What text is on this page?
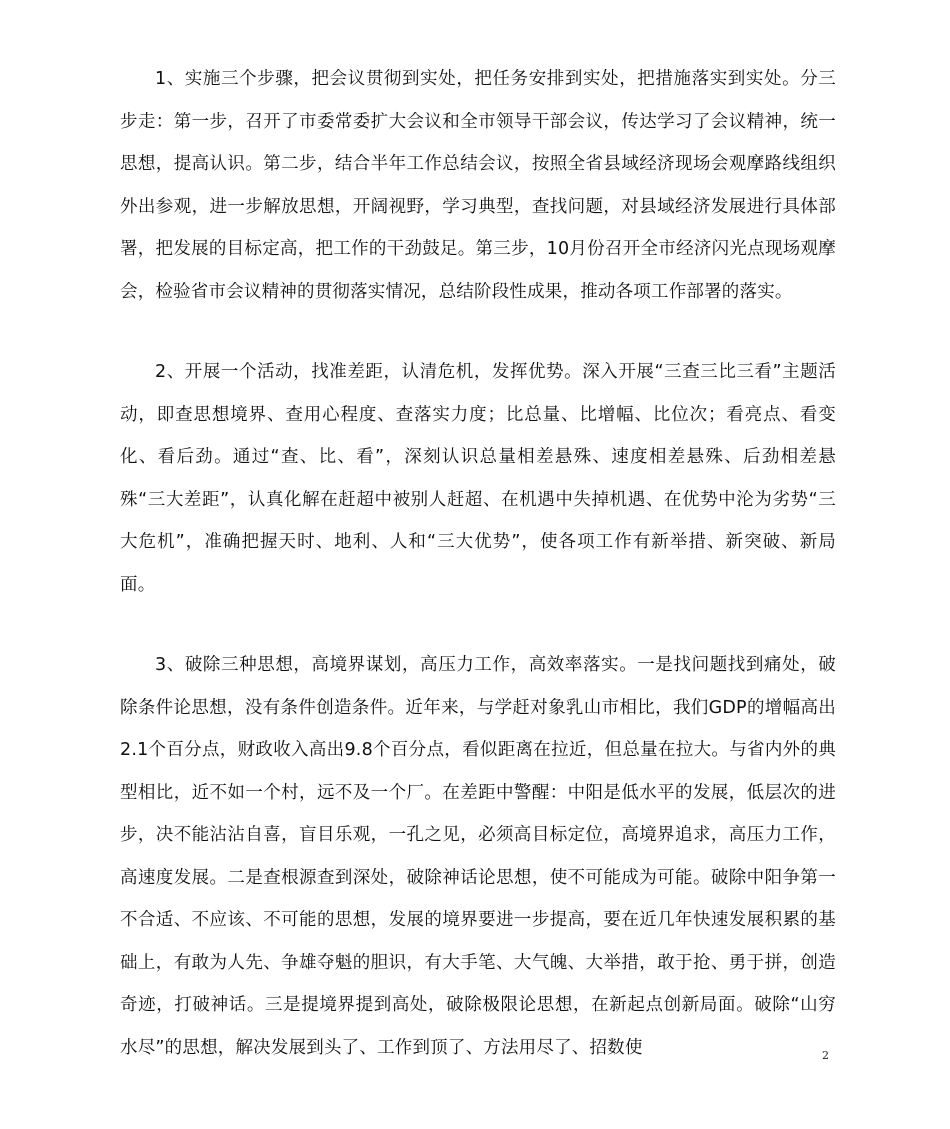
1、实施三个步骤，把会议贯彻到实处，把任务安排到实处，把措施落实到实处。分三步走：第一步，召开了市委常委扩大会议和全市领导干部会议，传达学习了会议精神，统一思想，提高认识。第二步，结合半年工作总结会议，按照全省县域经济现场会观摩路线组织外出参观，进一步解放思想，开阔视野，学习典型，查找问题，对县域经济发展进行具体部署，把发展的目标定高，把工作的干劲鼓足。第三步，10月份召开全市经济闪光点现场观摩会，检验省市会议精神的贯彻落实情况，总结阶段性成果，推动各项工作部署的落实。

2、开展一个活动，找准差距，认清危机，发挥优势。深入开展“三查三比三看”主题活动，即查思想境界、查用心程度、查落实力度；比总量、比增幅、比位次；看亮点、看变化、看后劲。通过“查、比、看”，深刻认识总量相差悬殊、速度相差悬殊、后劲相差悬殊“三大差距”，认真化解在赶超中被别人赶超、在机遇中失掉机遇、在优势中沦为劣势“三大危机”，准确把握天时、地利、人和“三大优势”，使各项工作有新举措、新突破、新局面。

3、破除三种思想，高境界谋划，高压力工作，高效率落实。一是找问题找到痛处，破除条件论思想，没有条件创造条件。近年来，与学赶对象乳山市相比，我们GDP的增幅高出2.1个百分点，财政收入高出9.8个百分点，看似距离在拉近，但总量在拉大。与省内外的典型相比，近不如一个村，远不及一个厂。在差距中警醒：中阳是低水平的发展，低层次的进步，决不能沾沾自喜，盲目乐观，一孔之见，必须高目标定位，高境界追求，高压力工作，高速度发展。二是查根源查到深处，破除神话论思想，使不可能成为可能。破除中阳争第一不合适、不应该、不可能的思想，发展的境界要进一步提高，要在近几年快速发展积累的基础上，有敢为人先、争雄夺魁的胆识，有大手笔、大气魄、大举措，敢于抢、勇于拼，创造奇迹，打破神话。三是提境界提到高处，破除极限论思想，在新起点创新局面。破除“山穷水尽”的思想，解决发展到头了、工作到顶了、方法用尽了、招数使	2
